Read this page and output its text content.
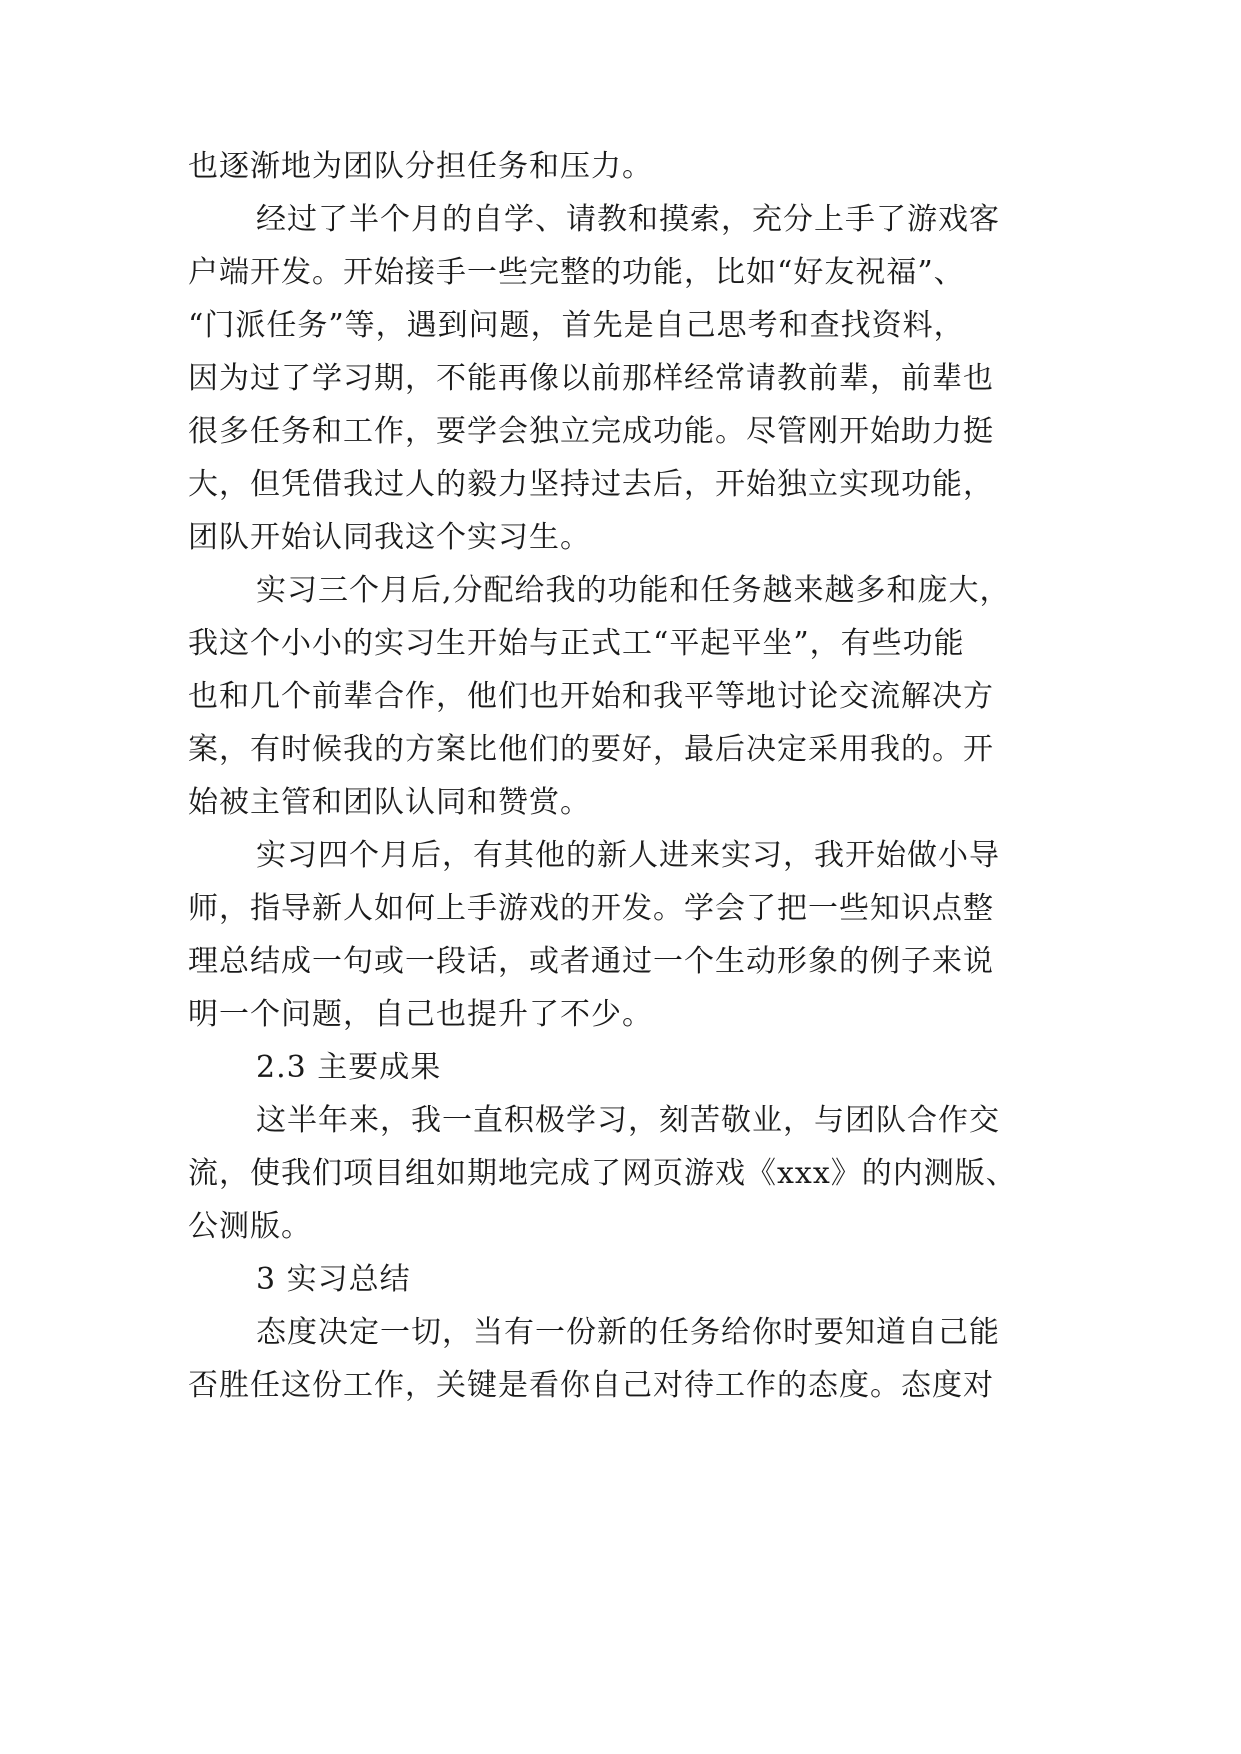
也逐渐地为团队分担任务和压力。
经过了半个月的自学、请教和摸索，充分上手了游戏客
户端开发。开始接手一些完整的功能，比如“好友祝福”、
“门派任务”等，遇到问题，首先是自己思考和查找资料，
因为过了学习期，不能再像以前那样经常请教前辈，前辈也
很多任务和工作，要学会独立完成功能。尽管刚开始助力挺
大，但凭借我过人的毅力坚持过去后，开始独立实现功能，
团队开始认同我这个实习生。
实习三个月后,分配给我的功能和任务越来越多和庞大，
我这个小小的实习生开始与正式工“平起平坐”，有些功能
也和几个前辈合作，他们也开始和我平等地讨论交流解决方
案，有时候我的方案比他们的要好，最后决定采用我的。开
始被主管和团队认同和赞赏。
实习四个月后，有其他的新人进来实习，我开始做小导
师，指导新人如何上手游戏的开发。学会了把一些知识点整
理总结成一句或一段话，或者通过一个生动形象的例子来说
明一个问题，自己也提升了不少。
2.3 主要成果
这半年来，我一直积极学习，刻苦敬业，与团队合作交
流，使我们项目组如期地完成了网页游戏《xxx》的内测版、
公测版。
3 实习总结
态度决定一切，当有一份新的任务给你时要知道自己能
否胜任这份工作，关键是看你自己对待工作的态度。态度对
